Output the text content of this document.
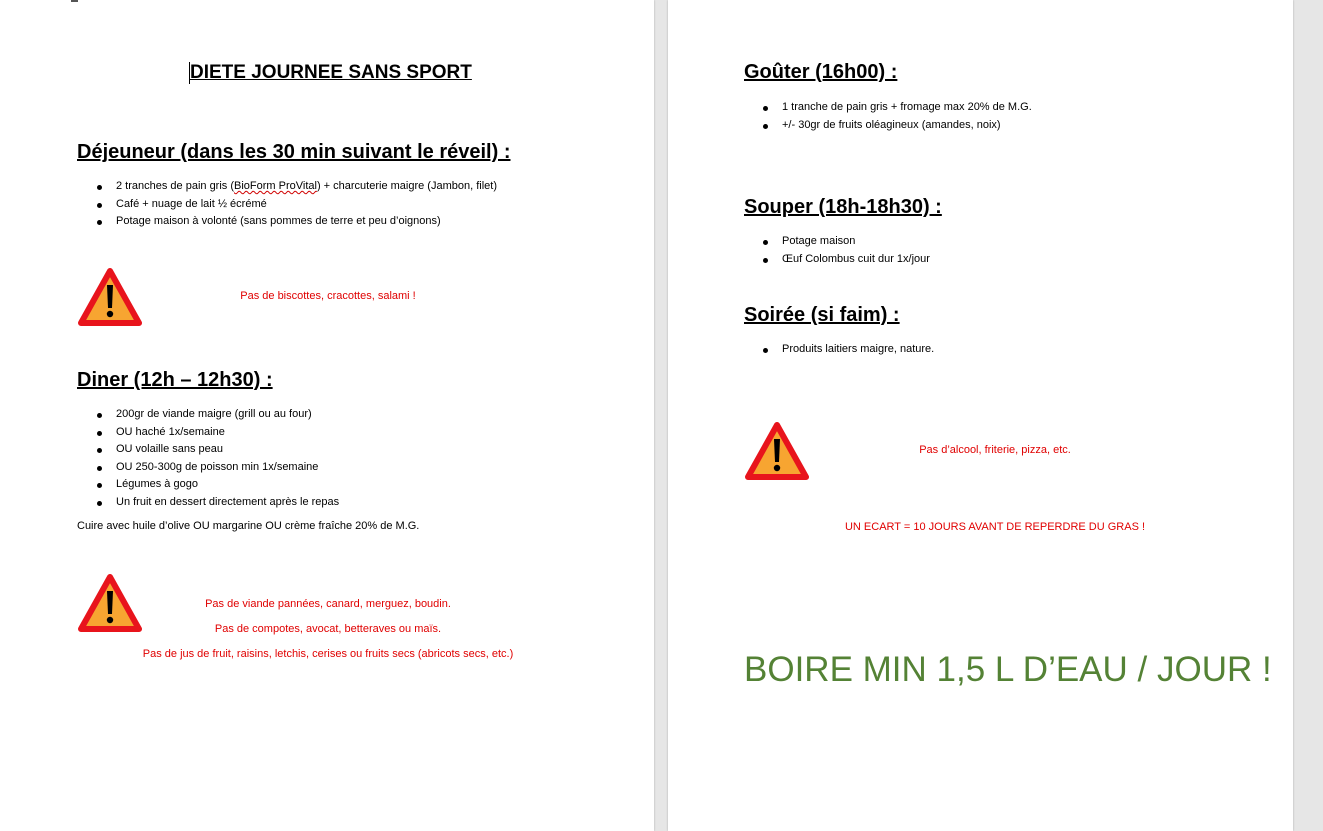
DIETE JOURNEE SANS SPORT
Déjeuneur (dans les 30 min suivant le réveil) :
2 tranches de pain gris (BioForm ProVital) + charcuterie maigre (Jambon, filet)
Café + nuage de lait ½ écrémé
Potage maison à volonté (sans pommes de terre et peu d’oignons)
Pas de biscottes, cracottes, salami !
Diner (12h – 12h30) :
200gr de viande maigre (grill ou au four)
OU haché 1x/semaine
OU volaille sans peau
OU 250-300g de poisson min 1x/semaine
Légumes à gogo
Un fruit en dessert directement après le repas
Cuire avec huile d’olive OU margarine OU crème fraîche 20% de M.G.
Pas de viande pannées, canard, merguez, boudin.
Pas de compotes, avocat, betteraves ou maïs.
Pas de jus de fruit, raisins, letchis, cerises ou fruits secs (abricots secs, etc.)
Goûter (16h00) :
1 tranche de pain gris + fromage max 20% de M.G.
+/- 30gr de fruits oléagineux (amandes, noix)
Souper (18h-18h30) :
Potage maison
Œuf Colombus cuit dur 1x/jour
Soirée (si faim) :
Produits laitiers maigre, nature.
Pas d’alcool, friterie, pizza, etc.
UN ECART = 10 JOURS AVANT DE REPERDRE DU GRAS !
BOIRE MIN 1,5 L D’EAU / JOUR !
